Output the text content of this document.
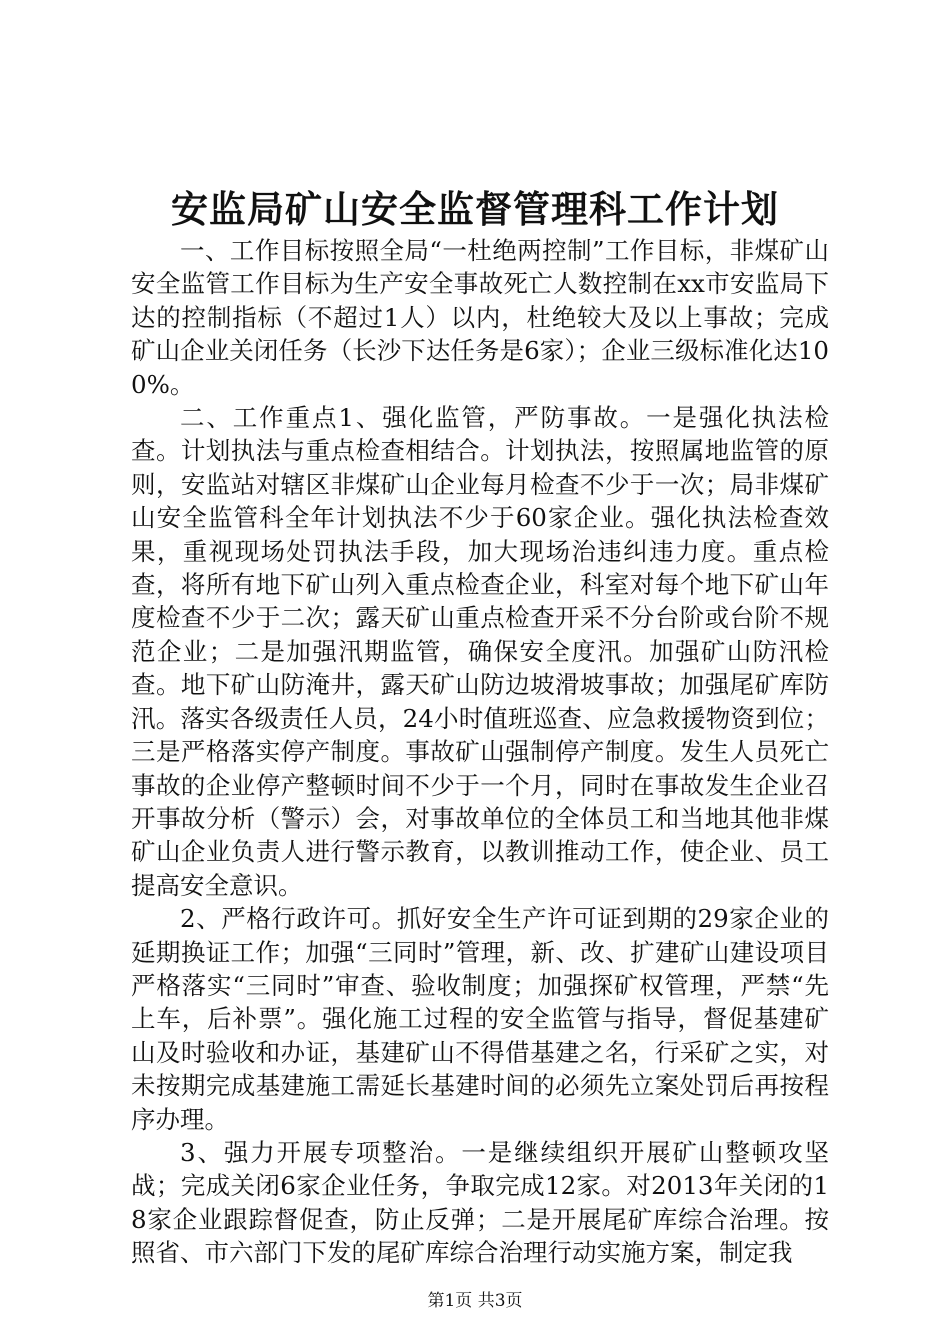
安监局矿山安全监督管理科工作计划

一、工作目标按照全局“一杜绝两控制”工作目标，非煤矿山安全监管工作目标为生产安全事故死亡人数控制在xx市安监局下达的控制指标（不超过1人）以内，杜绝较大及以上事故；完成矿山企业关闭任务（长沙下达任务是6家）；企业三级标准化达100%。

二、工作重点1、强化监管，严防事故。一是强化执法检查。计划执法与重点检查相结合。计划执法，按照属地监管的原则，安监站对辖区非煤矿山企业每月检查不少于一次；局非煤矿山安全监管科全年计划执法不少于60家企业。强化执法检查效果，重视现场处罚执法手段，加大现场治违纠违力度。重点检查，将所有地下矿山列入重点检查企业，科室对每个地下矿山年度检查不少于二次；露天矿山重点检查开采不分台阶或台阶不规范企业；二是加强汛期监管，确保安全度汛。加强矿山防汛检查。地下矿山防淹井，露天矿山防边坡滑坡事故；加强尾矿库防汛。落实各级责任人员，24小时值班巡查、应急救援物资到位；三是严格落实停产制度。事故矿山强制停产制度。发生人员死亡事故的企业停产整顿时间不少于一个月，同时在事故发生企业召开事故分析（警示）会，对事故单位的全体员工和当地其他非煤矿山企业负责人进行警示教育，以教训推动工作，使企业、员工提高安全意识。

2、严格行政许可。抓好安全生产许可证到期的29家企业的延期换证工作；加强“三同时”管理，新、改、扩建矿山建设项目严格落实“三同时”审查、验收制度；加强探矿权管理，严禁“先上车，后补票”。强化施工过程的安全监管与指导，督促基建矿山及时验收和办证，基建矿山不得借基建之名，行采矿之实，对未按期完成基建施工需延长基建时间的必须先立案处罚后再按程序办理。

3、强力开展专项整治。一是继续组织开展矿山整顿攻坚战；完成关闭6家企业任务，争取完成12家。对2013年关闭的18家企业跟踪督促查，防止反弹；二是开展尾矿库综合治理。按照省、市六部门下发的尾矿库综合治理行动实施方案，制定我

第1页 共3页
